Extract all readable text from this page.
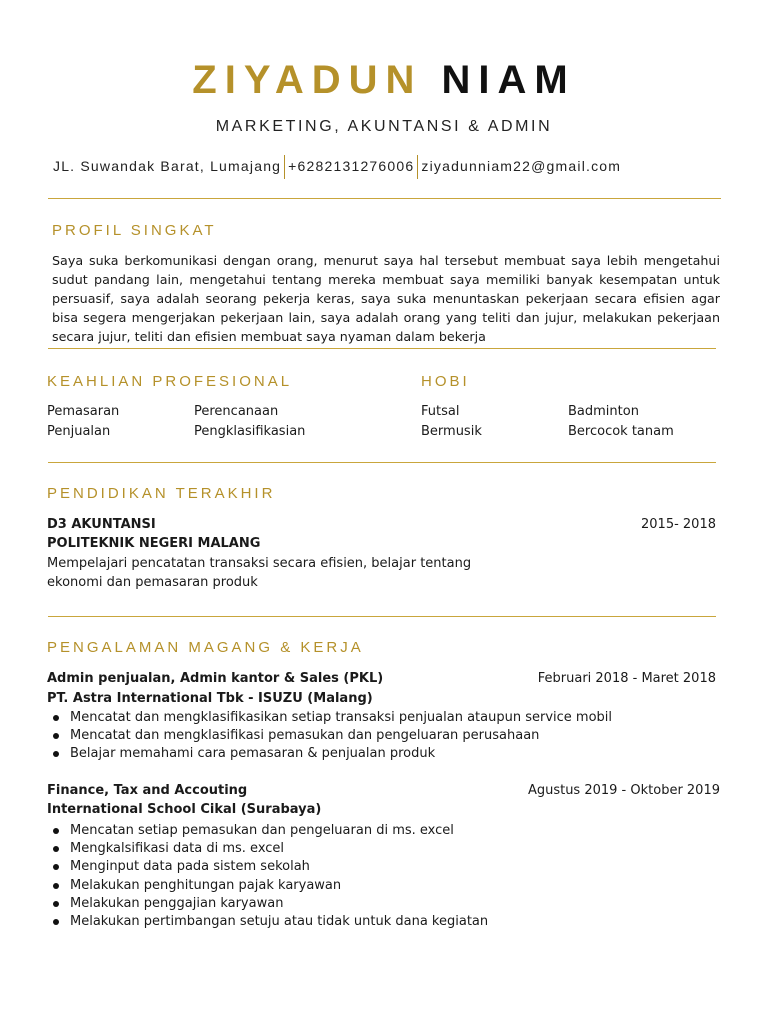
ZIYADUN NIAM
MARKETING, AKUNTANSI & ADMIN
JL. Suwandak Barat, Lumajang +6282131276006 ziyadunniam22@gmail.com
PROFIL SINGKAT
Saya suka berkomunikasi dengan orang, menurut saya hal tersebut membuat saya lebih mengetahui sudut pandang lain, mengetahui tentang mereka membuat saya memiliki banyak kesempatan untuk persuasif, saya adalah seorang pekerja keras, saya suka menuntaskan pekerjaan secara efisien agar bisa segera mengerjakan pekerjaan lain, saya adalah orang yang teliti dan jujur, melakukan pekerjaan secara jujur, teliti dan efisien membuat saya nyaman dalam bekerja
KEAHLIAN PROFESIONAL
Pemasaran	Perencanaan
Penjualan	Pengklasifikasian
HOBI
Futsal	Badminton
Bermusik	Bercocok tanam
PENDIDIKAN TERAKHIR
D3 AKUNTANSI	2015- 2018
POLITEKNIK NEGERI MALANG
Mempelajari pencatatan transaksi secara efisien, belajar tentang
ekonomi dan pemasaran produk
PENGALAMAN MAGANG & KERJA
Admin penjualan, Admin kantor & Sales (PKL)	Februari 2018 - Maret 2018
PT. Astra International Tbk - ISUZU (Malang)
Mencatat dan mengklasifikasikan setiap transaksi penjualan ataupun service mobil
Mencatat dan mengklasifikasi pemasukan dan pengeluaran perusahaan
Belajar memahami cara pemasaran & penjualan produk
Finance, Tax and Accouting	Agustus 2019 - Oktober 2019
International School Cikal (Surabaya)
Mencatan setiap pemasukan dan pengeluaran di ms. excel
Mengkalsifikasi data di ms. excel
Menginput data pada sistem sekolah
Melakukan penghitungan pajak karyawan
Melakukan penggajian karyawan
Melakukan pertimbangan setuju atau tidak untuk dana kegiatan
